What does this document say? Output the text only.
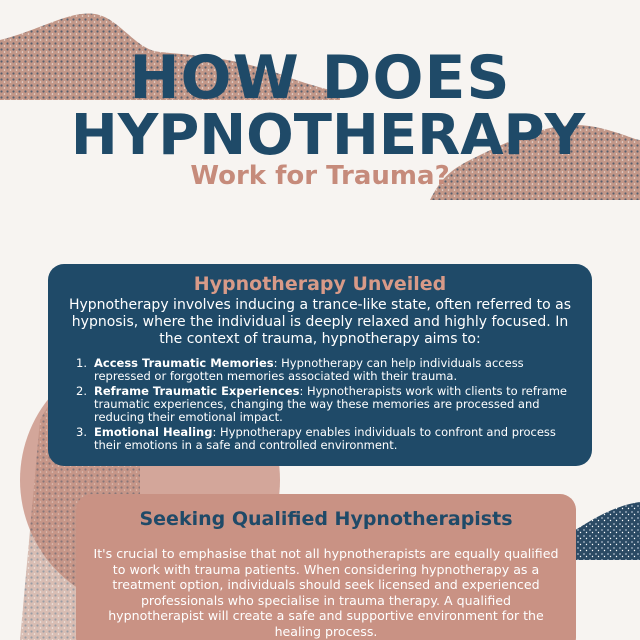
HOW DOES
HYPNOTHERAPY
Work for Trauma?
Hypnotherapy Unveiled

Hypnotherapy involves inducing a trance-like state, often referred to as hypnosis, where the individual is deeply relaxed and highly focused. In the context of trauma, hypnotherapy aims to:

1. Access Traumatic Memories: Hypnotherapy can help individuals access repressed or forgotten memories associated with their trauma.
2. Reframe Traumatic Experiences: Hypnotherapists work with clients to reframe traumatic experiences, changing the way these memories are processed and reducing their emotional impact.
3. Emotional Healing: Hypnotherapy enables individuals to confront and process their emotions in a safe and controlled environment.
Seeking Qualified Hypnotherapists

It's crucial to emphasise that not all hypnotherapists are equally qualified to work with trauma patients. When considering hypnotherapy as a treatment option, individuals should seek licensed and experienced professionals who specialise in trauma therapy. A qualified hypnotherapist will create a safe and supportive environment for the healing process.
